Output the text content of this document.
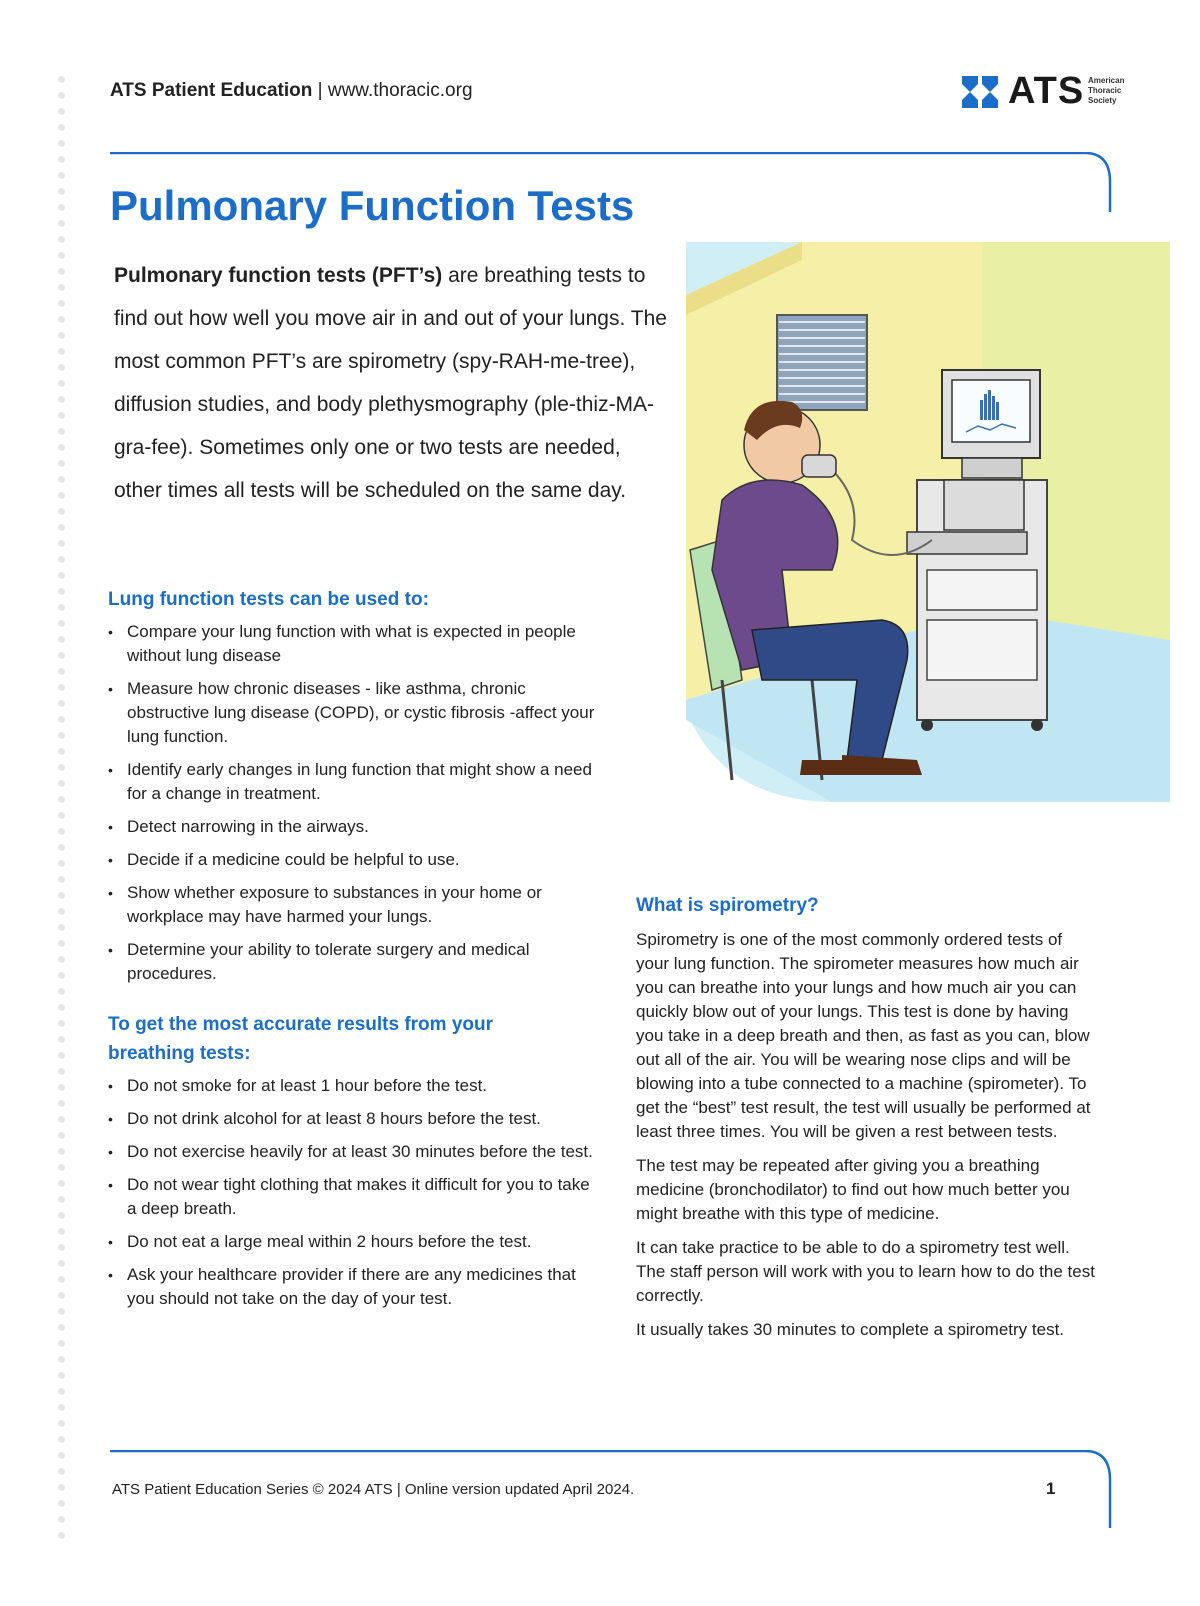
ATS Patient Education | www.thoracic.org	ATS American Thoracic Society
Pulmonary Function Tests
Pulmonary function tests (PFT’s) are breathing tests to find out how well you move air in and out of your lungs. The most common PFT’s are spirometry (spy-RAH-me-tree), diffusion studies, and body plethysmography (ple-thiz-MA-gra-fee). Sometimes only one or two tests are needed, other times all tests will be scheduled on the same day.
Lung function tests can be used to:
• Compare your lung function with what is expected in people without lung disease
• Measure how chronic diseases - like asthma, chronic obstructive lung disease (COPD), or cystic fibrosis -affect your lung function.
• Identify early changes in lung function that might show a need for a change in treatment.
• Detect narrowing in the airways.
• Decide if a medicine could be helpful to use.
• Show whether exposure to substances in your home or workplace may have harmed your lungs.
• Determine your ability to tolerate surgery and medical procedures.
To get the most accurate results from your breathing tests:
• Do not smoke for at least 1 hour before the test.
• Do not drink alcohol for at least 8 hours before the test.
• Do not exercise heavily for at least 30 minutes before the test.
• Do not wear tight clothing that makes it difficult for you to take a deep breath.
• Do not eat a large meal within 2 hours before the test.
• Ask your healthcare provider if there are any medicines that you should not take on the day of your test.
What is spirometry?

Spirometry is one of the most commonly ordered tests of your lung function. The spirometer measures how much air you can breathe into your lungs and how much air you can quickly blow out of your lungs. This test is done by having you take in a deep breath and then, as fast as you can, blow out all of the air. You will be wearing nose clips and will be blowing into a tube connected to a machine (spirometer). To get the “best” test result, the test will usually be performed at least three times. You will be given a rest between tests.

The test may be repeated after giving you a breathing medicine (bronchodilator) to find out how much better you might breathe with this type of medicine.

It can take practice to be able to do a spirometry test well. The staff person will work with you to learn how to do the test correctly.

It usually takes 30 minutes to complete a spirometry test.

ATS Patient Education Series © 2024 ATS | Online version updated April 2024.	1
